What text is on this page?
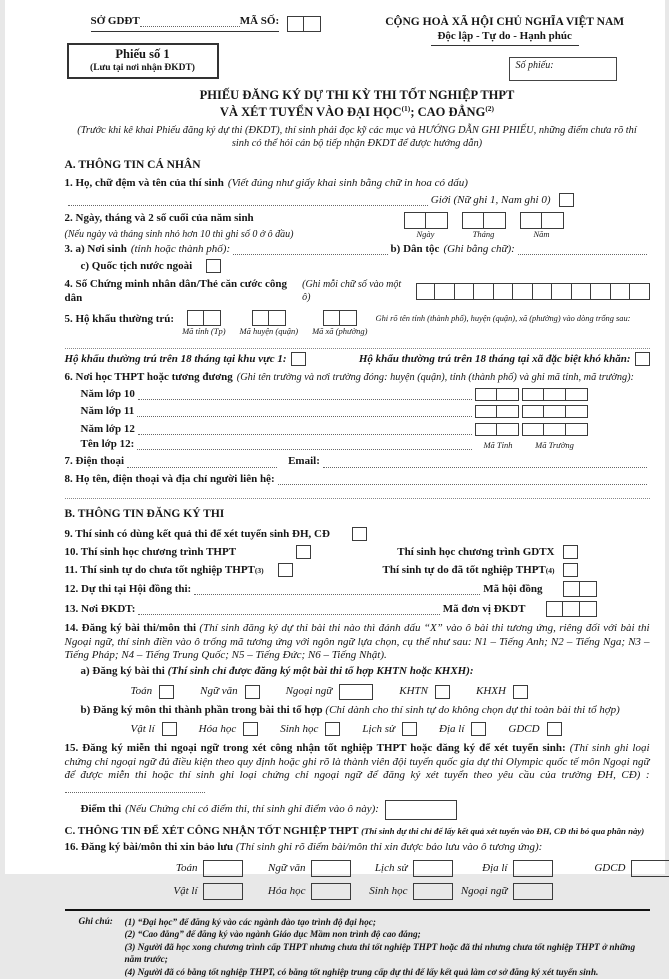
SỞ GDĐT	MÃ SỐ:
Phiếu số 1
(Lưu tại nơi nhận ĐKDT)
CỘNG HOÀ XÃ HỘI CHỦ NGHĨA VIỆT NAM
Độc lập - Tự do - Hạnh phúc
Số phiếu:
PHIẾU ĐĂNG KÝ DỰ THI KỲ THI TỐT NGHIỆP THPT
VÀ XÉT TUYỂN VÀO ĐẠI HỌC$^{(1)}$; CAO ĐẲNG$^{(2)}$
(Trước khi kê khai Phiếu đăng ký dự thi (ĐKDT), thí sinh phải đọc kỹ các mục và HƯỚNG DẪN GHI PHIẾU, những điểm chưa rõ thí sinh có thể hỏi cán bộ tiếp nhận ĐKDT để được hướng dẫn)
A. THÔNG TIN CÁ NHÂN
1. Họ, chữ đệm và tên của thí sinh (Viết đúng như giấy khai sinh bằng chữ in hoa có dấu)
Giới (Nữ ghi 1, Nam ghi 0)
2. Ngày, tháng và 2 số cuối của năm sinh
(Nếu ngày và tháng sinh nhỏ hơn 10 thì ghi số 0 ở ô đầu)	Ngày	Tháng	Năm
3. a) Nơi sinh (tỉnh hoặc thành phố):	b) Dân tộc (Ghi bằng chữ):
c) Quốc tịch nước ngoài
4. Số Chứng minh nhân dân/Thẻ căn cước công dân
(Ghi mỗi chữ số vào một ô)
5. Hộ khẩu thường trú:
Mã tỉnh (Tp) Mã huyện (quận) Mã xã (phường)
Ghi rõ tên tỉnh (thành phố), huyện (quận), xã (phường) vào dòng trống sau:
Hộ khẩu thường trú trên 18 tháng tại khu vực 1:	Hộ khẩu thường trú trên 18 tháng tại xã đặc biệt khó khăn:
6. Nơi học THPT hoặc tương đương (Ghi tên trường và nơi trường đóng: huyện (quận), tỉnh (thành phố) và ghi mã tỉnh, mã trường):
Năm lớp 10
Năm lớp 11
Năm lớp 12
Tên lớp 12:	Mã Tỉnh	Mã Trường
7. Điện thoại	Email:
8. Họ tên, điện thoại và địa chỉ người liên hệ:
B. THÔNG TIN ĐĂNG KÝ THI
9. Thí sinh có dùng kết quả thi để xét tuyển sinh ĐH, CĐ
10. Thí sinh học chương trình THPT	Thí sinh học chương trình GDTX
11. Thí sinh tự do chưa tốt nghiệp THPT (3)	Thí sinh tự do đã tốt nghiệp THPT (4)
12. Dự thi tại Hội đồng thi:	Mã hội đồng
13. Nơi ĐKDT:	Mã đơn vị ĐKDT
14. Đăng ký bài thi/môn thi (Thí sinh đăng ký dự thi bài thi nào thì đánh dấu “X” vào ô bài thi tương ứng, riêng đối với bài thi Ngoại ngữ, thí sinh điền vào ô trống mã tương ứng với ngôn ngữ lựa chọn, cụ thể như sau: N1 – Tiếng Anh; N2 – Tiếng Nga; N3 – Tiếng Pháp; N4 – Tiếng Trung Quốc; N5 – Tiếng Đức; N6 – Tiếng Nhật).
a) Đăng ký bài thi (Thí sinh chỉ được đăng ký một bài thi tổ hợp KHTN hoặc KHXH):
Toán	Ngữ văn	Ngoại ngữ	KHTN	KHXH
b) Đăng ký môn thi thành phần trong bài thi tổ hợp (Chỉ dành cho thí sinh tự do không chọn dự thi toàn bài thi tổ hợp)
Vật lí	Hóa học	Sinh học	Lịch sử	Địa lí	GDCD
15. Đăng ký miễn thi ngoại ngữ trong xét công nhận tốt nghiệp THPT hoặc đăng ký để xét tuyển sinh: (Thí sinh ghi loại chứng chỉ ngoại ngữ đủ điều kiện theo quy định hoặc ghi rõ là thành viên đội tuyển quốc gia dự thi Olympic quốc tế môn Ngoại ngữ để được miễn thi hoặc thí sinh ghi loại chứng chỉ ngoại ngữ để đăng ký xét tuyển theo yêu cầu của trường ĐH, CĐ) :
Điểm thi (Nếu Chứng chỉ có điểm thi, thí sinh ghi điểm vào ô này):
C. THÔNG TIN ĐỂ XÉT CÔNG NHẬN TỐT NGHIỆP THPT (Thí sinh dự thi chỉ để lấy kết quả xét tuyển vào ĐH, CĐ thì bỏ qua phần này)
16. Đăng ký bài/môn thi xin bảo lưu (Thí sinh ghi rõ điểm bài/môn thi xin được bảo lưu vào ô tương ứng):
Toán	Ngữ văn	Lịch sử	Địa lí	GDCD
Vật lí	Hóa học	Sinh học	Ngoại ngữ
Ghi chú:	(1) “Đại học” để đăng ký vào các ngành đào tạo trình độ đại học;
(2) “Cao đẳng” để đăng ký vào ngành Giáo dục Mầm non trình độ cao đẳng;
(3) Người đã học xong chương trình cấp THPT nhưng chưa thi tốt nghiệp THPT hoặc đã thi nhưng chưa tốt nghiệp THPT ở những năm trước;
(4) Người đã có bằng tốt nghiệp THPT, có bằng tốt nghiệp trung cấp dự thi để lấy kết quả làm cơ sở đăng ký xét tuyển sinh.
